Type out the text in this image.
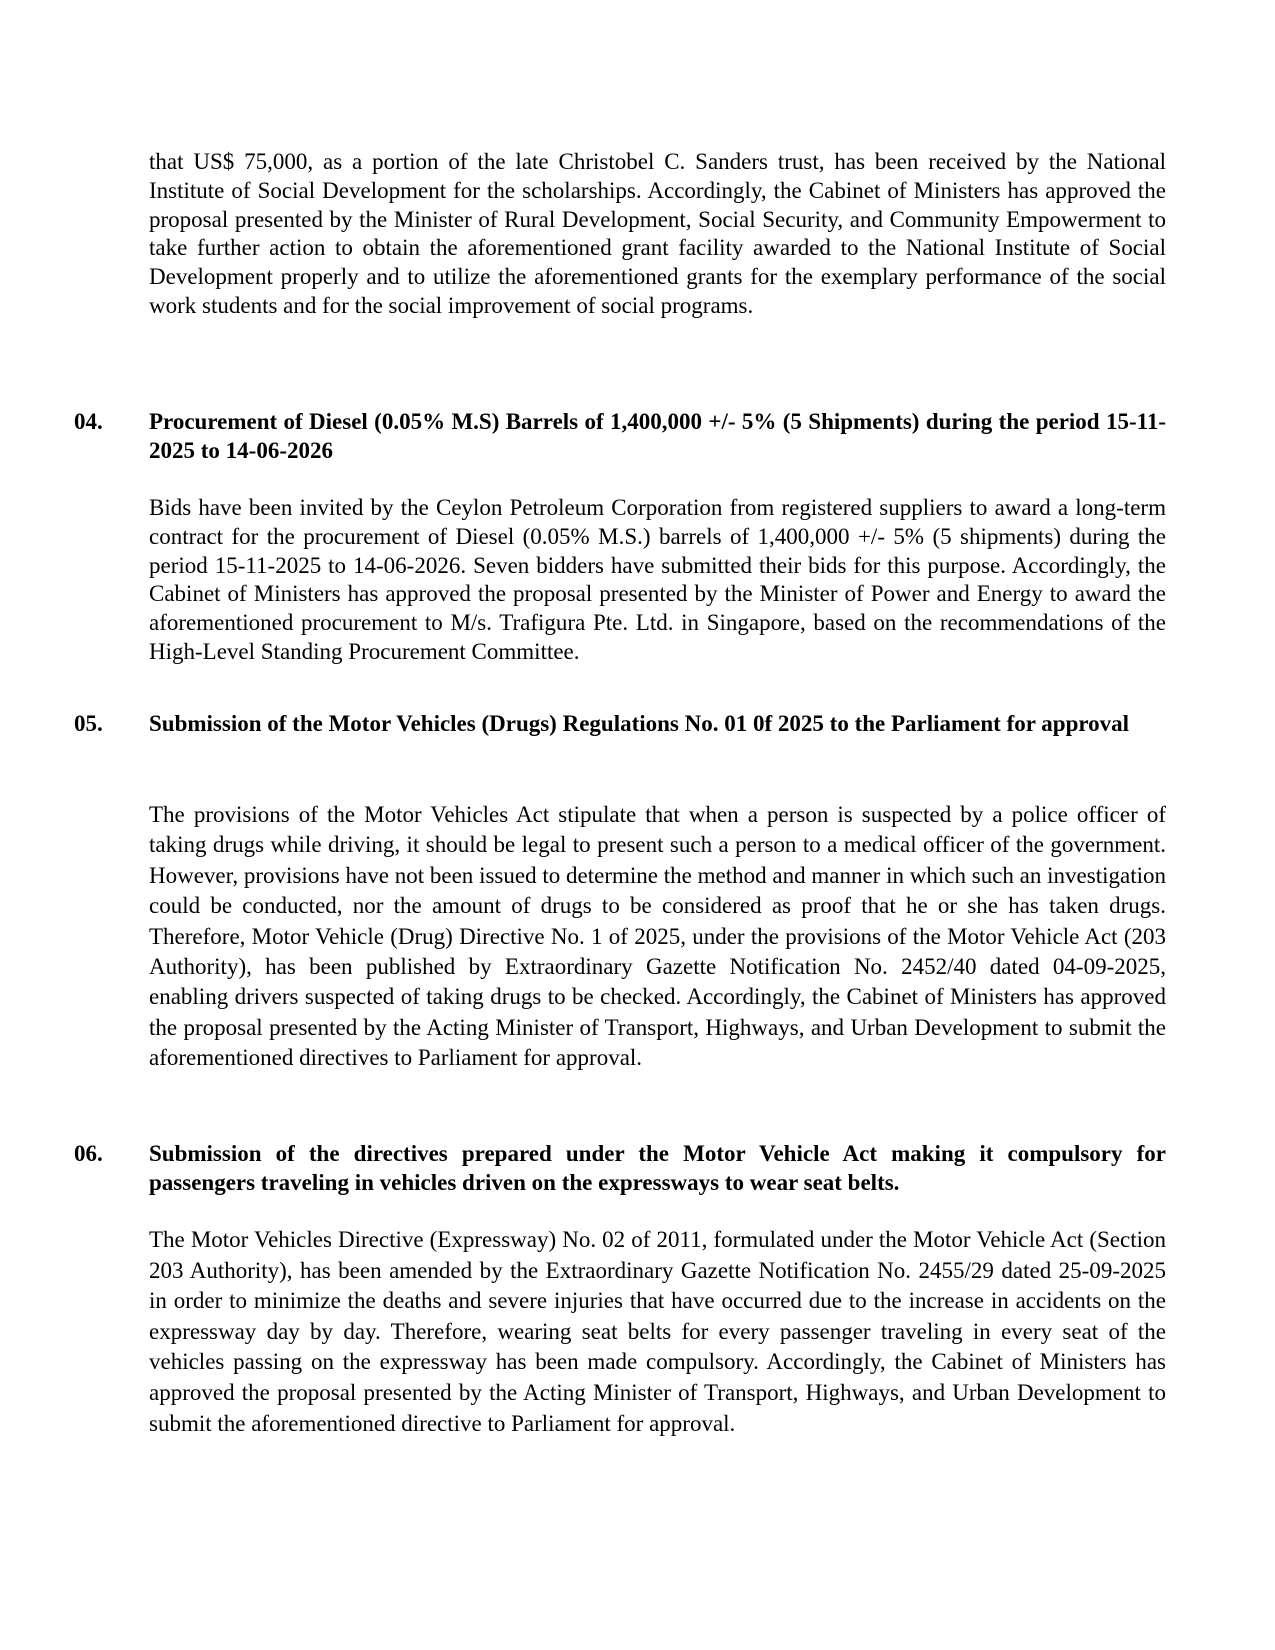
that US$ 75,000, as a portion of the late Christobel C. Sanders trust, has been received by the National Institute of Social Development for the scholarships. Accordingly, the Cabinet of Ministers has approved the proposal presented by the Minister of Rural Development, Social Security, and Community Empowerment to take further action to obtain the aforementioned grant facility awarded to the National Institute of Social Development properly and to utilize the aforementioned grants for the exemplary performance of the social work students and for the social improvement of social programs.

04. Procurement of Diesel (0.05% M.S) Barrels of 1,400,000 +/- 5% (5 Shipments) during the period 15-11-2025 to 14-06-2026

Bids have been invited by the Ceylon Petroleum Corporation from registered suppliers to award a long-term contract for the procurement of Diesel (0.05% M.S.) barrels of 1,400,000 +/- 5% (5 shipments) during the period 15-11-2025 to 14-06-2026. Seven bidders have submitted their bids for this purpose. Accordingly, the Cabinet of Ministers has approved the proposal presented by the Minister of Power and Energy to award the aforementioned procurement to M/s. Trafigura Pte. Ltd. in Singapore, based on the recommendations of the High-Level Standing Procurement Committee.

05. Submission of the Motor Vehicles (Drugs) Regulations No. 01 0f 2025 to the Parliament for approval

The provisions of the Motor Vehicles Act stipulate that when a person is suspected by a police officer of taking drugs while driving, it should be legal to present such a person to a medical officer of the government. However, provisions have not been issued to determine the method and manner in which such an investigation could be conducted, nor the amount of drugs to be considered as proof that he or she has taken drugs. Therefore, Motor Vehicle (Drug) Directive No. 1 of 2025, under the provisions of the Motor Vehicle Act (203 Authority), has been published by Extraordinary Gazette Notification No. 2452/40 dated 04-09-2025, enabling drivers suspected of taking drugs to be checked. Accordingly, the Cabinet of Ministers has approved the proposal presented by the Acting Minister of Transport, Highways, and Urban Development to submit the aforementioned directives to Parliament for approval.

06. Submission of the directives prepared under the Motor Vehicle Act making it compulsory for passengers traveling in vehicles driven on the expressways to wear seat belts.

The Motor Vehicles Directive (Expressway) No. 02 of 2011, formulated under the Motor Vehicle Act (Section 203 Authority), has been amended by the Extraordinary Gazette Notification No. 2455/29 dated 25-09-2025 in order to minimize the deaths and severe injuries that have occurred due to the increase in accidents on the expressway day by day. Therefore, wearing seat belts for every passenger traveling in every seat of the vehicles passing on the expressway has been made compulsory. Accordingly, the Cabinet of Ministers has approved the proposal presented by the Acting Minister of Transport, Highways, and Urban Development to submit the aforementioned directive to Parliament for approval.
